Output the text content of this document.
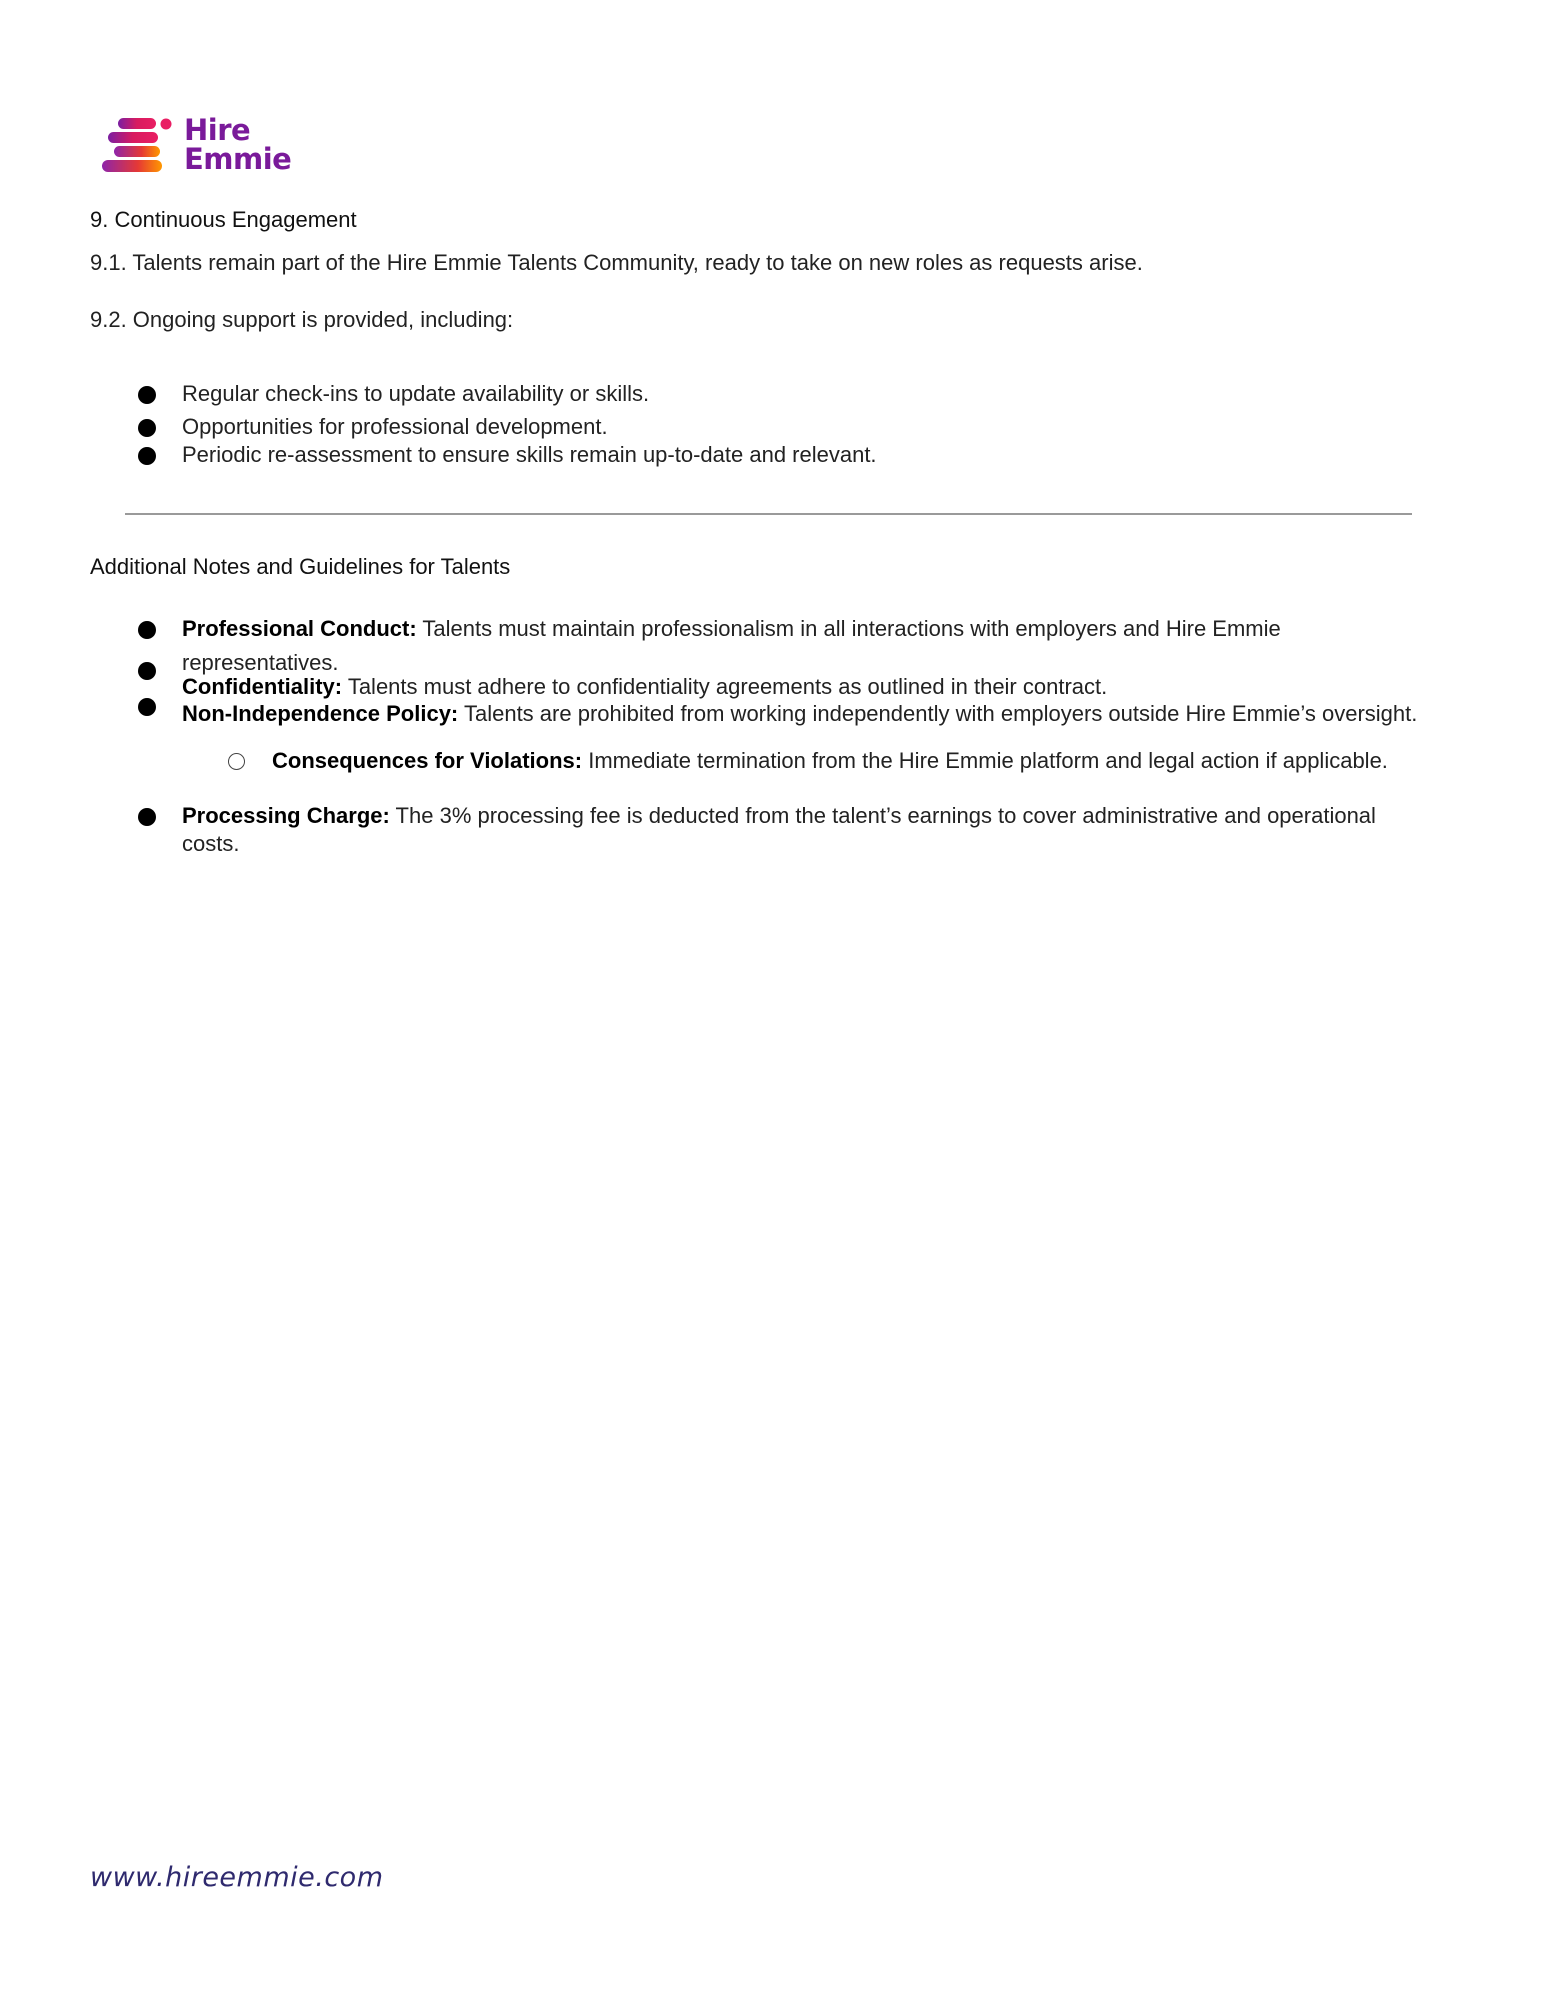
Hire
Emmie
9. Continuous Engagement
9.1. Talents remain part of the Hire Emmie Talents Community, ready to take on new roles as requests arise.
9.2. Ongoing support is provided, including:
Regular check-ins to update availability or skills.
Opportunities for professional development.
Periodic re-assessment to ensure skills remain up-to-date and relevant.
Additional Notes and Guidelines for Talents
Professional Conduct: Talents must maintain professionalism in all interactions with employers and Hire Emmie representatives.
Confidentiality: Talents must adhere to confidentiality agreements as outlined in their contract.
Non-Independence Policy: Talents are prohibited from working independently with employers outside Hire Emmie’s oversight.
Consequences for Violations: Immediate termination from the Hire Emmie platform and legal action if applicable.
Processing Charge: The 3% processing fee is deducted from the talent’s earnings to cover administrative and operational costs.
www.hireemmie.com
